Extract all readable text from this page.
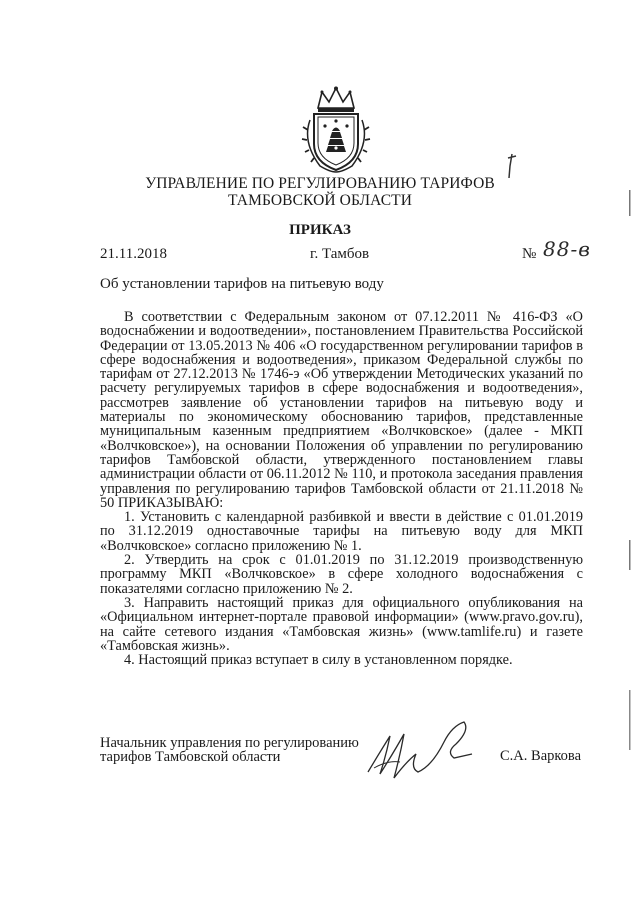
УПРАВЛЕНИЕ ПО РЕГУЛИРОВАНИЮ ТАРИФОВ
ТАМБОВСКОЙ ОБЛАСТИ
ПРИКАЗ
21.11.2018	г. Тамбов	№ 88-в
Об установлении тарифов на питьевую воду

В соответствии с Федеральным законом от 07.12.2011 № 416-ФЗ «О водоснабжении и водоотведении», постановлением Правительства Российской Федерации от 13.05.2013 № 406 «О государственном регулировании тарифов в сфере водоснабжения и водоотведения», приказом Федеральной службы по тарифам от 27.12.2013 № 1746-э «Об утверждении Методических указаний по расчету регулируемых тарифов в сфере водоснабжения и водоотведения», рассмотрев заявление об установлении тарифов на питьевую воду и материалы по экономическому обоснованию тарифов, представленные муниципальным казенным предприятием «Волчковское» (далее - МКП «Волчковское»), на основании Положения об управлении по регулированию тарифов Тамбовской области, утвержденного постановлением главы администрации области от 06.11.2012 № 110, и протокола заседания правления управления по регулированию тарифов Тамбовской области от 21.11.2018 № 50 ПРИКАЗЫВАЮ:

1. Установить с календарной разбивкой и ввести в действие с 01.01.2019 по 31.12.2019 одноставочные тарифы на питьевую воду для МКП «Волчковское» согласно приложению № 1.

2. Утвердить на срок с 01.01.2019 по 31.12.2019 производственную программу МКП «Волчковское» в сфере холодного водоснабжения с показателями согласно приложению № 2.

3. Направить настоящий приказ для официального опубликования на «Официальном интернет-портале правовой информации» (www.pravo.gov.ru), на сайте сетевого издания «Тамбовская жизнь» (www.tamlife.ru) и газете «Тамбовская жизнь».

4. Настоящий приказ вступает в силу в установленном порядке.

Начальник управления по регулированию
тарифов Тамбовской области	С.А. Варкова
